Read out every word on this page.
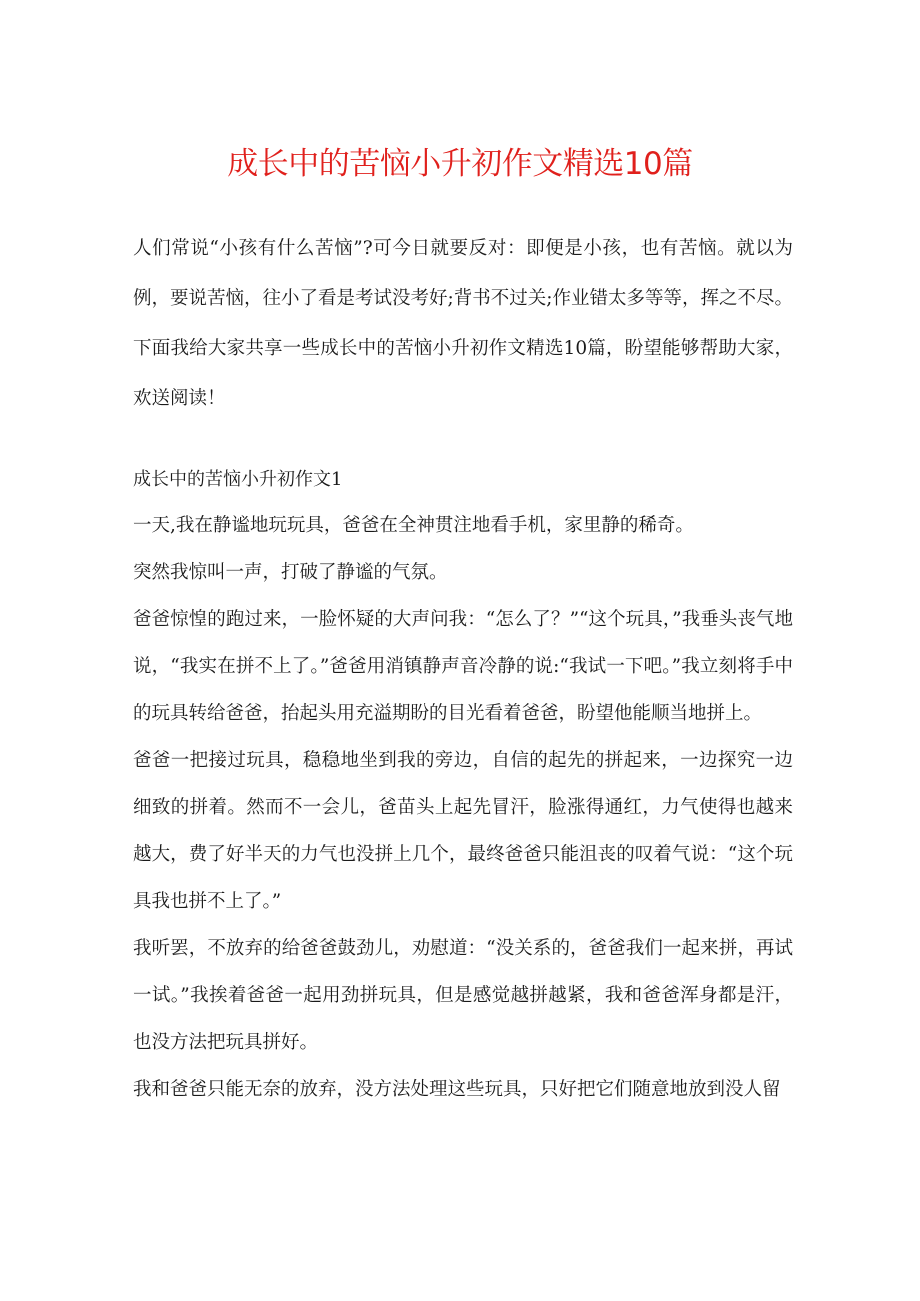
成长中的苦恼小升初作文精选10篇

人们常说“小孩有什么苦恼”?可今日就要反对：即便是小孩，也有苦恼。就以为例，要说苦恼，往小了看是考试没考好;背书不过关;作业错太多等等，挥之不尽。下面我给大家共享一些成长中的苦恼小升初作文精选10篇，盼望能够帮助大家，欢送阅读！

成长中的苦恼小升初作文1

一天,我在静谧地玩玩具，爸爸在全神贯注地看手机，家里静的稀奇。

突然我惊叫一声，打破了静谧的气氛。

爸爸惊惶的跑过来，一脸怀疑的大声问我：“怎么了？”“这个玩具，”我垂头丧气地说，“我实在拼不上了。”爸爸用消镇静声音冷静的说:“我试一下吧。”我立刻将手中的玩具转给爸爸，抬起头用充溢期盼的目光看着爸爸，盼望他能顺当地拼上。

爸爸一把接过玩具，稳稳地坐到我的旁边，自信的起先的拼起来，一边探究一边细致的拼着。然而不一会儿，爸苗头上起先冒汗，脸涨得通红，力气使得也越来越大，费了好半天的力气也没拼上几个，最终爸爸只能沮丧的叹着气说：“这个玩具我也拼不上了。”

我听罢，不放弃的给爸爸鼓劲儿，劝慰道：“没关系的，爸爸我们一起来拼，再试一试。”我挨着爸爸一起用劲拼玩具，但是感觉越拼越紧，我和爸爸浑身都是汗，也没方法把玩具拼好。

我和爸爸只能无奈的放弃，没方法处理这些玩具，只好把它们随意地放到没人留
